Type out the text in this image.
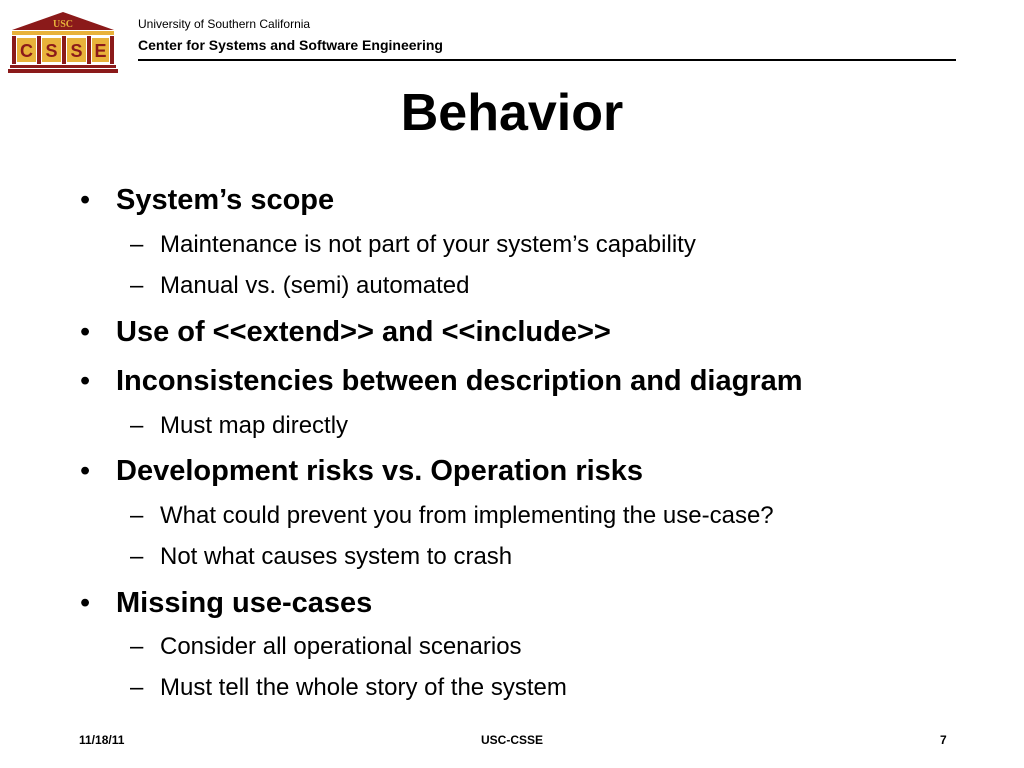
USC
C S S E
University of Southern California
Center for Systems and Software Engineering
Behavior
• System’s scope
– Maintenance is not part of your system’s capability
– Manual vs. (semi) automated
• Use of <<extend>> and <<include>>
• Inconsistencies between description and diagram
– Must map directly
• Development risks vs. Operation risks
– What could prevent you from implementing the use-case?
– Not what causes system to crash
• Missing use-cases
– Consider all operational scenarios
– Must tell the whole story of the system
11/18/11	USC-CSSE	7
